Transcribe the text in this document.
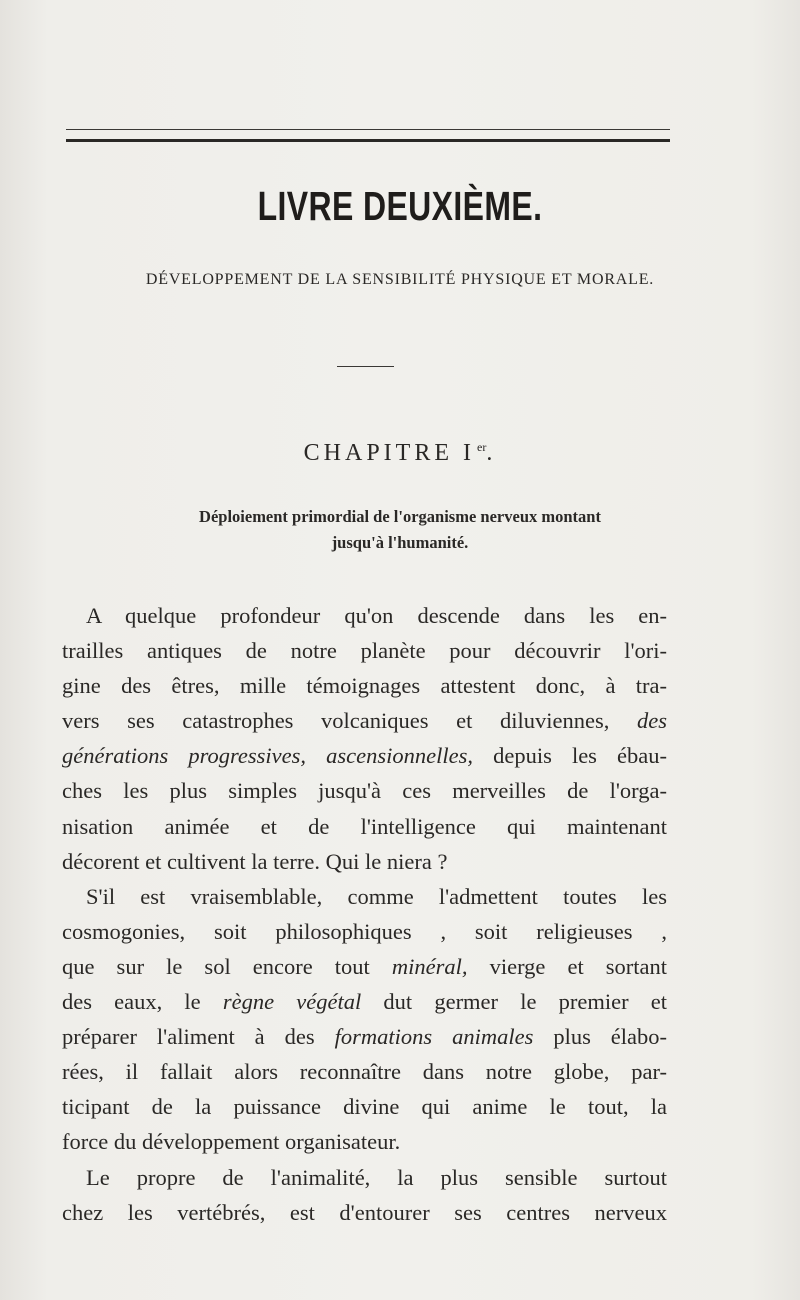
LIVRE DEUXIÈME.
DÉVELOPPEMENT DE LA SENSIBILITÉ PHYSIQUE ET MORALE.
CHAPITRE I $^{er}$.
Déploiement primordial de l'organisme nerveux montant
jusqu'à l'humanité.
A quelque profondeur qu'on descende dans les en-
trailles antiques de notre planète pour découvrir l'ori-
gine des êtres, mille témoignages attestent donc, à tra-
vers ses catastrophes volcaniques et diluviennes, des
générations progressives, ascensionnelles, depuis les ébau-
ches les plus simples jusqu'à ces merveilles de l'orga-
nisation animée et de l'intelligence qui maintenant
décorent et cultivent la terre. Qui le niera ?
S'il est vraisemblable, comme l'admettent toutes les
cosmogonies, soit philosophiques , soit religieuses ,
que sur le sol encore tout minéral, vierge et sortant
des eaux, le règne végétal dut germer le premier et
préparer l'aliment à des formations animales plus élabo-
rées, il fallait alors reconnaître dans notre globe, par-
ticipant de la puissance divine qui anime le tout, la
force du développement organisateur.
Le propre de l'animalité, la plus sensible surtout
chez les vertébrés, est d'entourer ses centres nerveux
